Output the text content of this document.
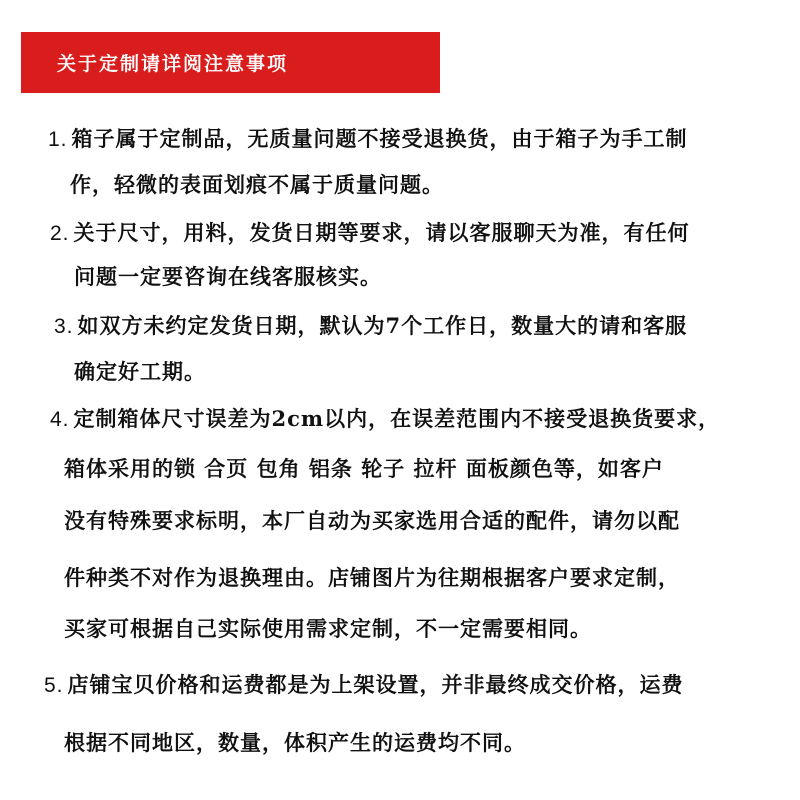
关于定制请详阅注意事项
1. 箱子属于定制品，无质量问题不接受退换货，由于箱子为手工制
作，轻微的表面划痕不属于质量问题。
2. 关于尺寸，用料，发货日期等要求，请以客服聊天为准，有任何
问题一定要咨询在线客服核实。
3. 如双方未约定发货日期，默认为7个工作日，数量大的请和客服
确定好工期。
4. 定制箱体尺寸误差为2cm以内，在误差范围内不接受退换货要求，
箱体采用的锁 合页 包角 铝条 轮子 拉杆 面板颜色等，如客户
没有特殊要求标明，本厂自动为买家选用合适的配件，请勿以配
件种类不对作为退换理由。店铺图片为往期根据客户要求定制，
买家可根据自己实际使用需求定制，不一定需要相同。
5. 店铺宝贝价格和运费都是为上架设置，并非最终成交价格，运费
根据不同地区，数量，体积产生的运费均不同。
